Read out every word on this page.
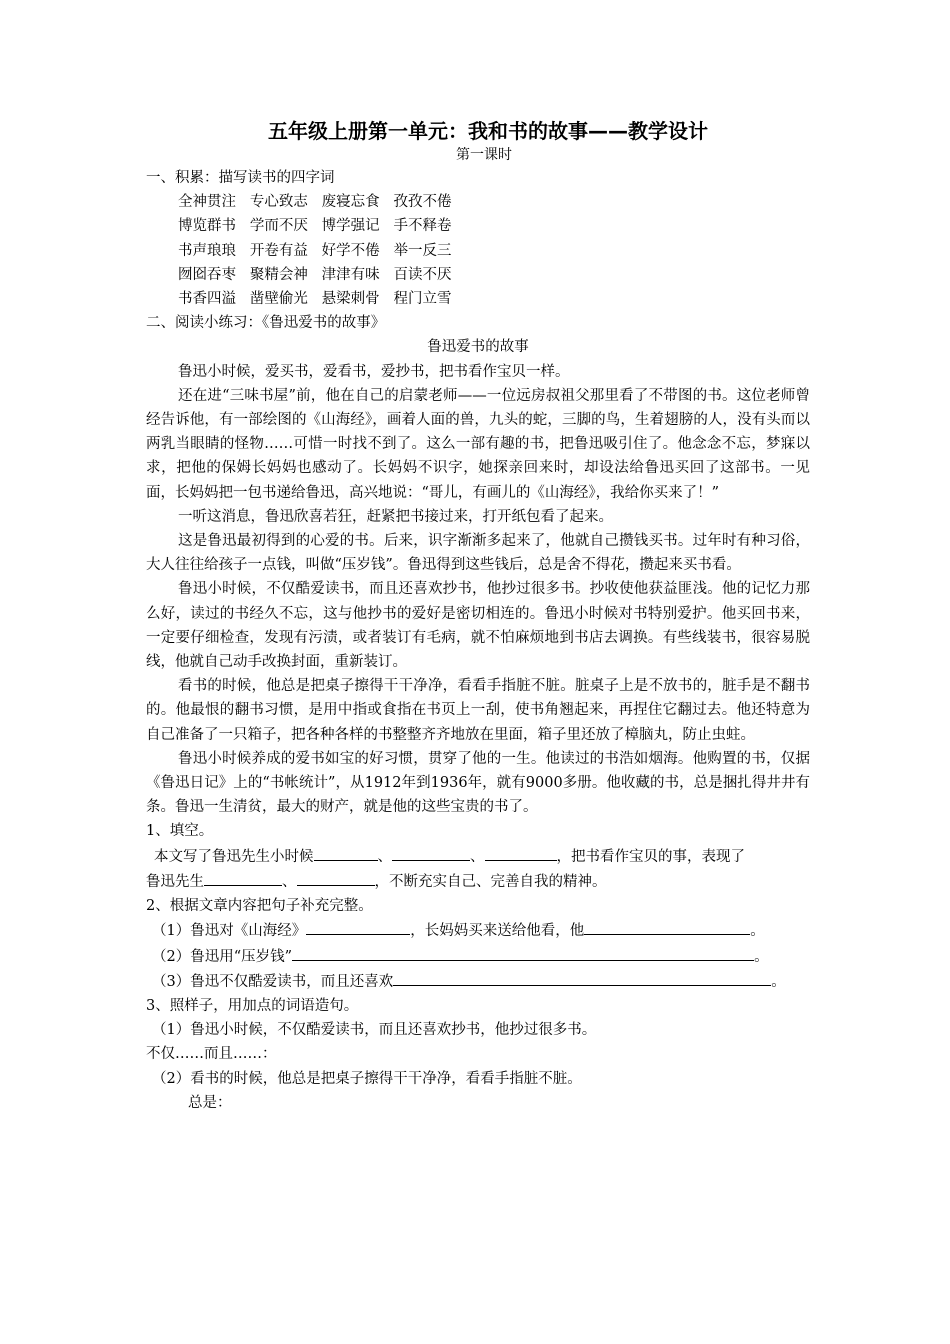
五年级上册第一单元：我和书的故事——教学设计
第一课时
一、积累：描写读书的四字词
全神贯注   专心致志   废寝忘食   孜孜不倦
博览群书   学而不厌   博学强记   手不释卷
书声琅琅   开卷有益   好学不倦   举一反三
囫囵吞枣   聚精会神   津津有味   百读不厌
书香四溢   凿壁偷光   悬梁刺骨   程门立雪
二、阅读小练习：《鲁迅爱书的故事》
鲁迅爱书的故事

鲁迅小时候，爱买书，爱看书，爱抄书，把书看作宝贝一样。

还在进“三味书屋”前，他在自己的启蒙老师——一位远房叔祖父那里看了不带图的书。这位老师曾经告诉他，有一部绘图的《山海经》，画着人面的兽，九头的蛇，三脚的鸟，生着翅膀的人，没有头而以两乳当眼睛的怪物……可惜一时找不到了。这么一部有趣的书，把鲁迅吸引住了。他念念不忘，梦寐以求，把他的保姆长妈妈也感动了。长妈妈不识字，她探亲回来时，却设法给鲁迅买回了这部书。一见面，长妈妈把一包书递给鲁迅，高兴地说：“哥儿，有画儿的《山海经》，我给你买来了！”

一听这消息，鲁迅欣喜若狂，赶紧把书接过来，打开纸包看了起来。

这是鲁迅最初得到的心爱的书。后来，识字渐渐多起来了，他就自己攒钱买书。过年时有种习俗，大人往往给孩子一点钱，叫做“压岁钱”。鲁迅得到这些钱后，总是舍不得花，攒起来买书看。

鲁迅小时候，不仅酷爱读书，而且还喜欢抄书，他抄过很多书。抄收使他获益匪浅。他的记忆力那么好，读过的书经久不忘，这与他抄书的爱好是密切相连的。鲁迅小时候对书特别爱护。他买回书来，一定要仔细检查，发现有污渍，或者装订有毛病，就不怕麻烦地到书店去调换。有些线装书，很容易脱线，他就自己动手改换封面，重新装订。

看书的时候，他总是把桌子擦得干干净净，看看手指脏不脏。脏桌子上是不放书的，脏手是不翻书的。他最恨的翻书习惯，是用中指或食指在书页上一刮，使书角翘起来，再捏住它翻过去。他还特意为自己准备了一只箱子，把各种各样的书整整齐齐地放在里面，箱子里还放了樟脑丸，防止虫蛀。

鲁迅小时候养成的爱书如宝的好习惯，贯穿了他的一生。他读过的书浩如烟海。他购置的书，仅据《鲁迅日记》上的“书帐统计”，从1912年到1936年，就有9000多册。他收藏的书，总是捆扎得井井有条。鲁迅一生清贫，最大的财产，就是他的这些宝贵的书了。

1、填空。
本文写了鲁迅先生小时候	、	、	，把书看作宝贝的事，表现了
鲁迅先生	、	，不断充实自己、完善自我的精神。
2、根据文章内容把句子补充完整。
（1）鲁迅对《山海经》	，长妈妈买来送给他看，他	。
（2）鲁迅用“压岁钱”	。
（3）鲁迅不仅酷爱读书，而且还喜欢	。
3、照样子，用加点的词语造句。
（1）鲁迅小时候，不仅酷爱读书，而且还喜欢抄书，他抄过很多书。
不仅……而且……：
（2）看书的时候，他总是把桌子擦得干干净净，看看手指脏不脏。
总是：
